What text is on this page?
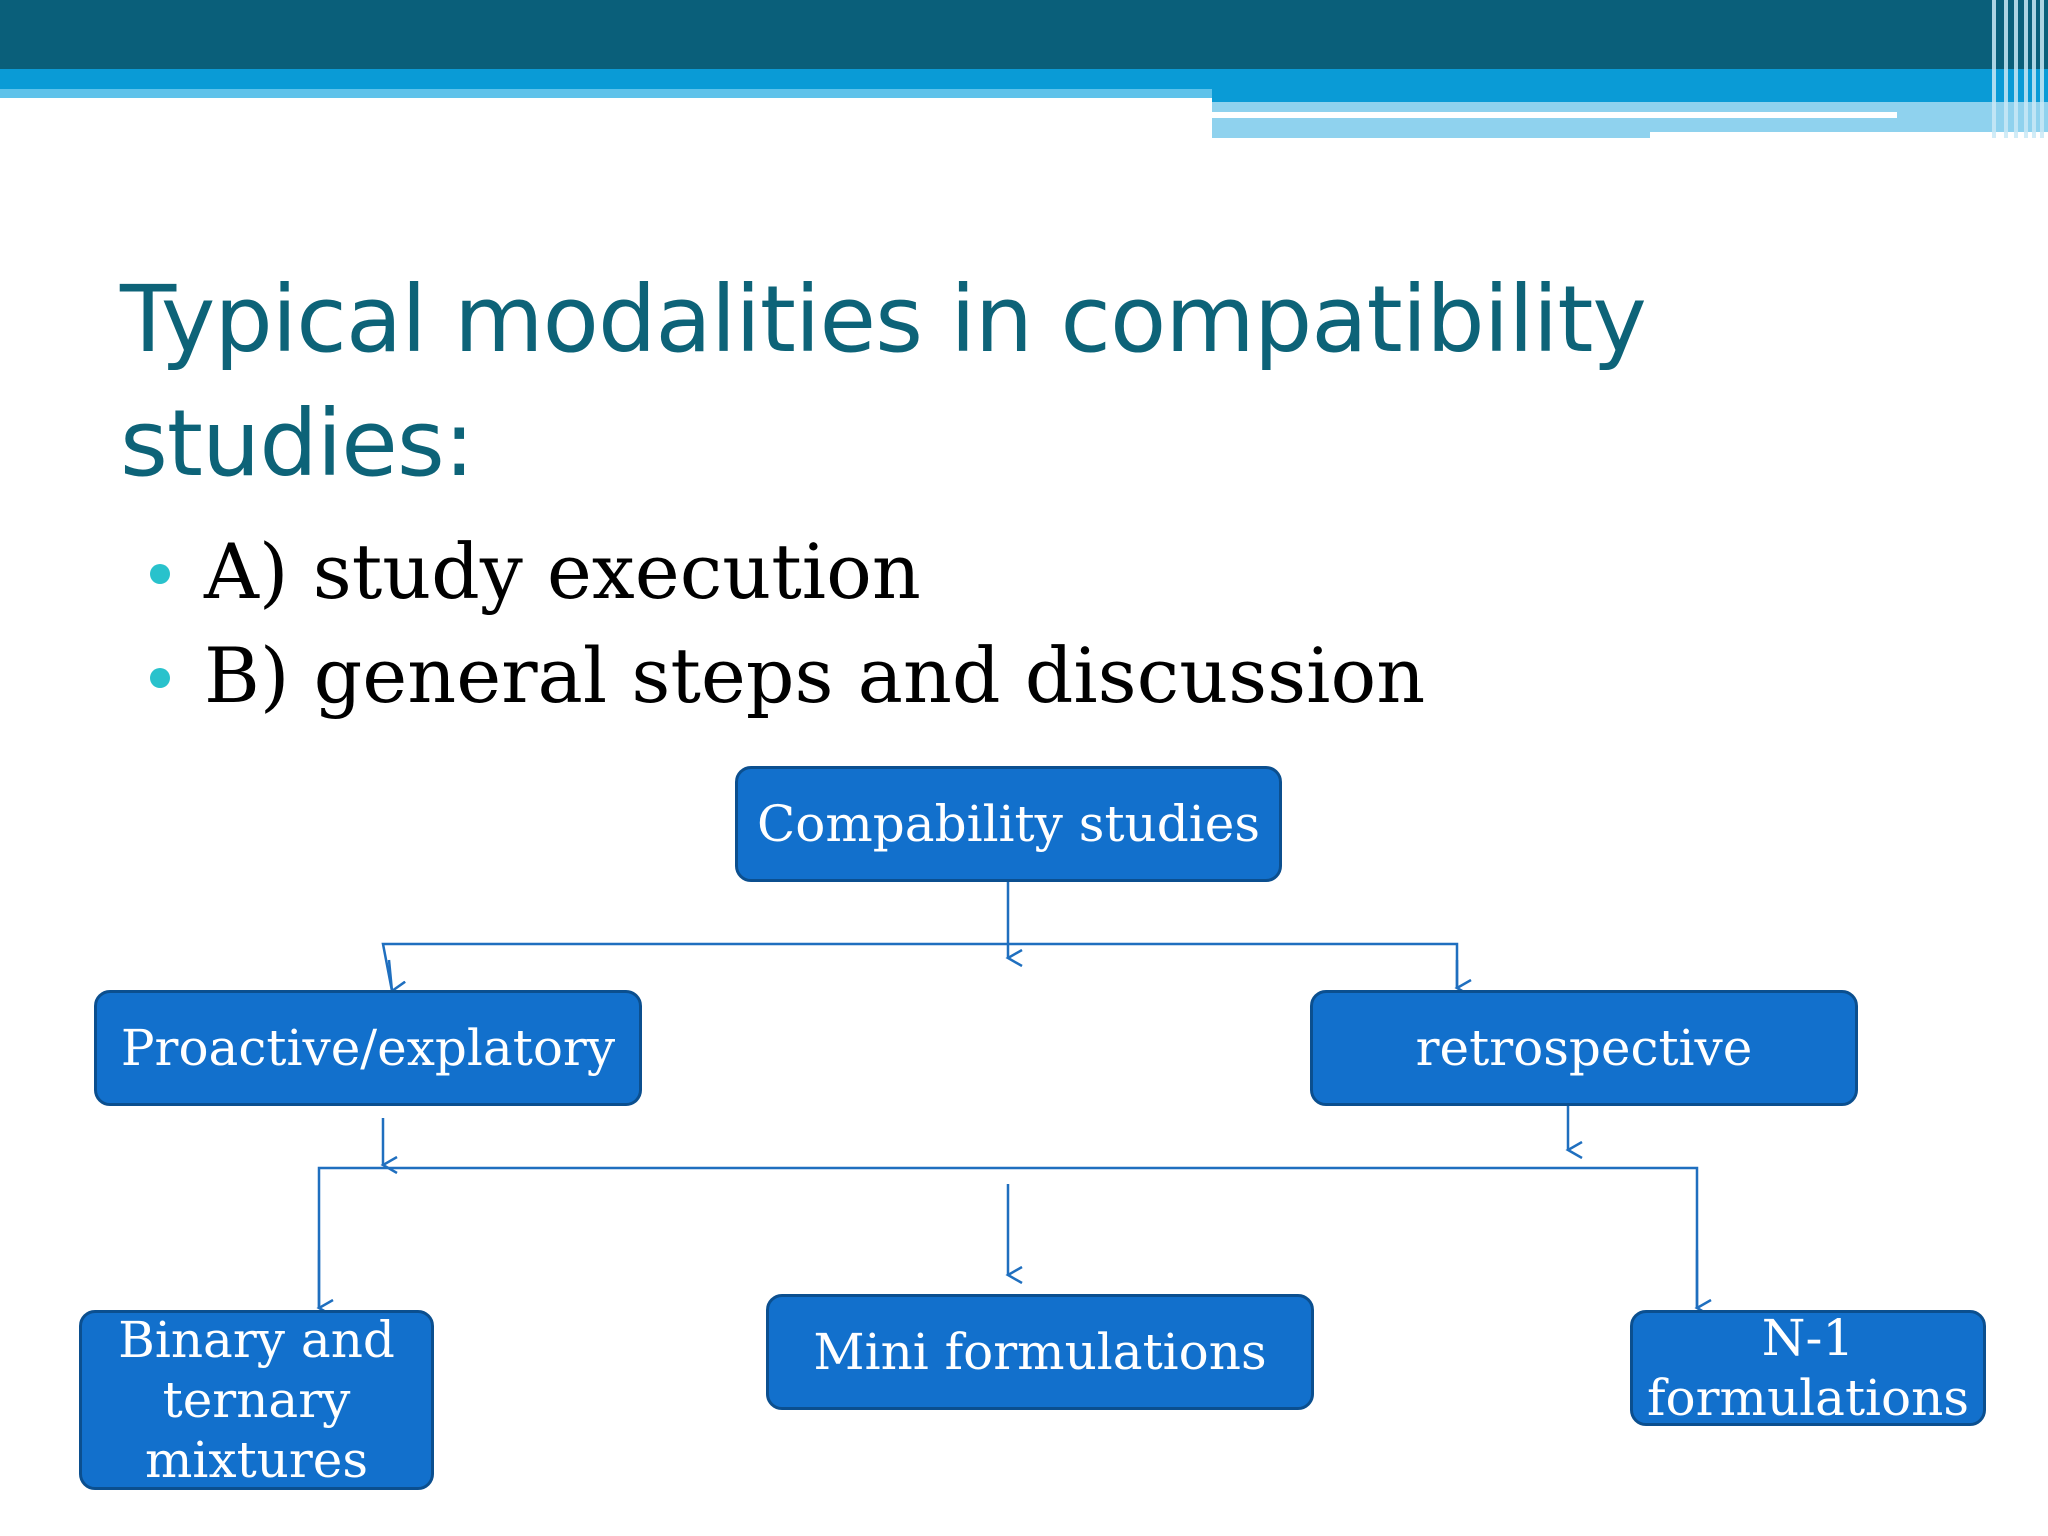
Typical modalities in compatibility studies:
A) study execution
B) general steps and discussion
Compability studies
Proactive/explatory	retrospective
Binary and ternary mixtures
Mini formulations	N-1 formulations
